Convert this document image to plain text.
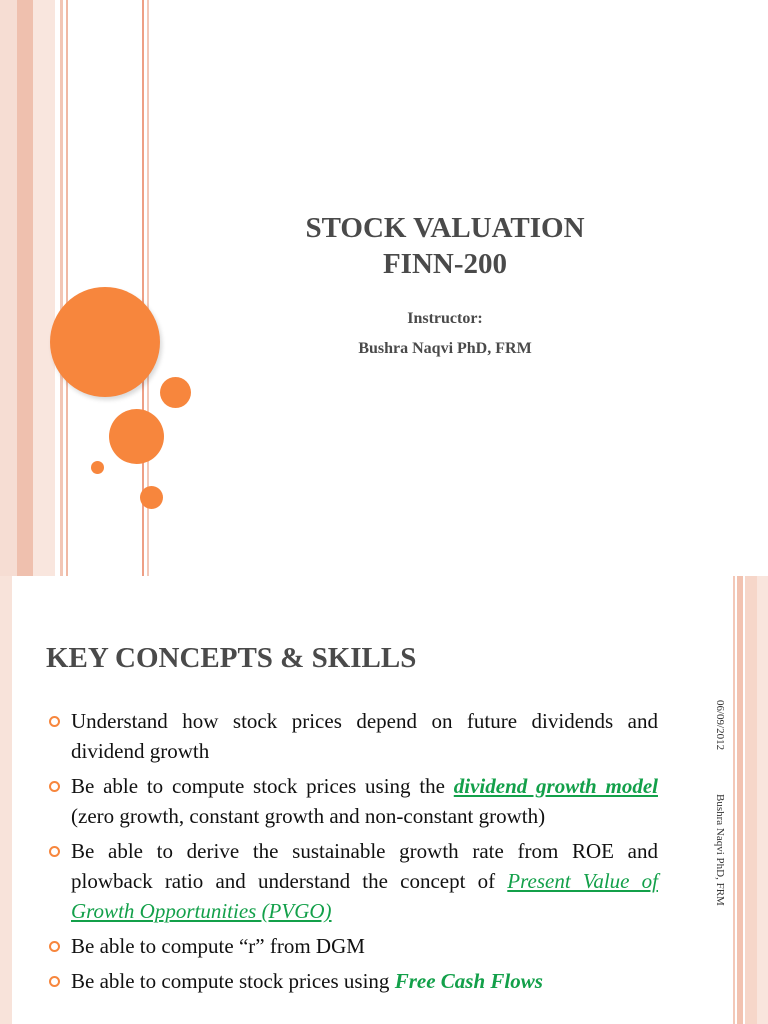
STOCK VALUATION
FINN-200
Instructor:
Bushra Naqvi PhD, FRM
KEY CONCEPTS & SKILLS
06/09/2012
Bushra Naqvi PhD, FRM
Understand how stock prices depend on future dividends and dividend growth
Be able to compute stock prices using the dividend growth model (zero growth, constant growth and non-constant growth)
Be able to derive the sustainable growth rate from ROE and plowback ratio and understand the concept of Present Value of Growth Opportunities (PVGO)
Be able to compute “r” from DGM
Be able to compute stock prices using Free Cash Flows
